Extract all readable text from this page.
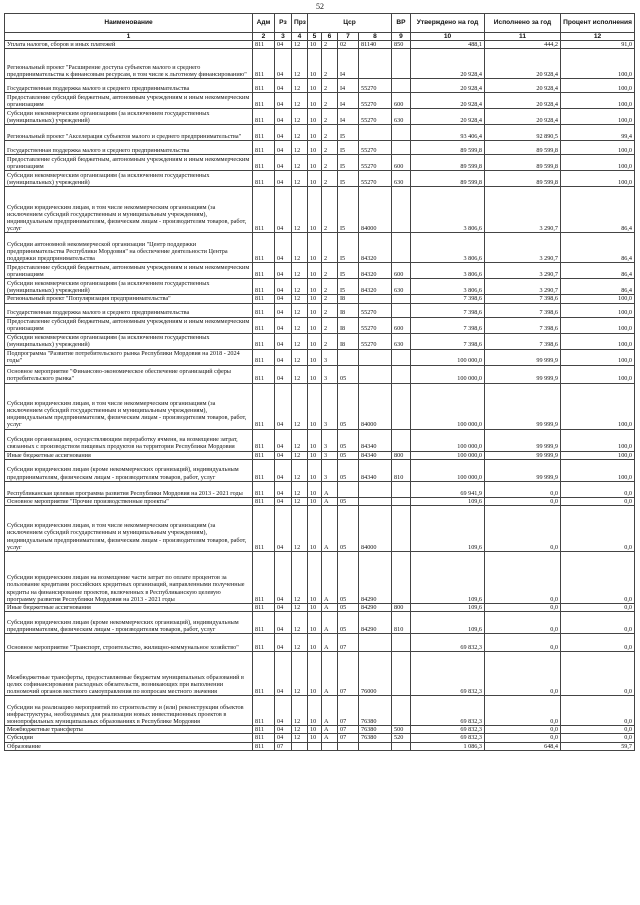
52
Наименование	Адм	Рз	Прз	Цср				ВР	Утверждено на год	Исполнено за год	Процент исполнения
1	2	3	4	5	6	7	8	9	10	11	12
Уплата налогов, сборов и иных платежей	811	04	12	10	2	02	81140	850	488,1	444,2	91,0
Региональный проект "Расширение доступа субъектов малого и среднего предпринимательства к финансовым ресурсам, в том числе к льготному финансированию"	811	04	12	10	2	I4			20 928,4	20 928,4	100,0
Государственная поддержка малого и среднего предпринимательства	811	04	12	10	2	I4	55270		20 928,4	20 928,4	100,0
Предоставление субсидий бюджетным, автономным учреждениям и иным некоммерческим организациям	811	04	12	10	2	I4	55270	600	20 928,4	20 928,4	100,0
Субсидии некоммерческим организациям (за исключением государственных (муниципальных) учреждений)	811	04	12	10	2	I4	55270	630	20 928,4	20 928,4	100,0
Региональный проект "Акселерация субъектов малого и среднего предпринимательства"	811	04	12	10	2	I5			93 406,4	92 890,5	99,4
Государственная поддержка малого и среднего предпринимательства	811	04	12	10	2	I5	55270		89 599,8	89 599,8	100,0
Предоставление субсидий бюджетным, автономным учреждениям и иным некоммерческим организациям	811	04	12	10	2	I5	55270	600	89 599,8	89 599,8	100,0
Субсидии некоммерческим организациям (за исключением государственных (муниципальных) учреждений)	811	04	12	10	2	I5	55270	630	89 599,8	89 599,8	100,0
Субсидии юридическим лицам, в том числе некоммерческим организациям (за исключением субсидий государственным и муниципальным учреждениям), индивидуальным предпринимателям, физическим лицам - производителям товаров, работ, услуг	811	04	12	10	2	I5	84000		3 806,6	3 290,7	86,4
Субсидии автономной некоммерческой организации "Центр поддержки предпринимательства Республики Мордовия" на обеспечение деятельности Центра поддержки предпринимательства	811	04	12	10	2	I5	84320		3 806,6	3 290,7	86,4
Предоставление субсидий бюджетным, автономным учреждениям и иным некоммерческим организациям	811	04	12	10	2	I5	84320	600	3 806,6	3 290,7	86,4
Субсидии некоммерческим организациям (за исключением государственных (муниципальных) учреждений)	811	04	12	10	2	I5	84320	630	3 806,6	3 290,7	86,4
Региональный проект "Популяризация предпринимательства"	811	04	12	10	2	I8			7 398,6	7 398,6	100,0
Государственная поддержка малого и среднего предпринимательства	811	04	12	10	2	I8	55270		7 398,6	7 398,6	100,0
Предоставление субсидий бюджетным, автономным учреждениям и иным некоммерческим организациям	811	04	12	10	2	I8	55270	600	7 398,6	7 398,6	100,0
Субсидии некоммерческим организациям (за исключением государственных (муниципальных) учреждений)	811	04	12	10	2	I8	55270	630	7 398,6	7 398,6	100,0
Подпрограмма "Развитие потребительского рынка Республики Мордовия на 2018 - 2024 годы"	811	04	12	10	3				100 000,0	99 999,9	100,0
Основное мероприятие "Финансово-экономическое обеспечение организаций сферы потребительского рынка"	811	04	12	10	3	05			100 000,0	99 999,9	100,0
Субсидии юридическим лицам, в том числе некоммерческим организациям (за исключением субсидий государственным и муниципальным учреждениям), индивидуальным предпринимателям, физическим лицам - производителям товаров, работ, услуг	811	04	12	10	3	05	84000		100 000,0	99 999,9	100,0
Субсидии организациям, осуществляющим переработку ячменя, на возмещение затрат, связанных с производством пищевых продуктов на территории Республики Мордовия	811	04	12	10	3	05	84340		100 000,0	99 999,9	100,0
Иные бюджетные ассигнования	811	04	12	10	3	05	84340	800	100 000,0	99 999,9	100,0
Субсидии юридическим лицам (кроме некоммерческих организаций), индивидуальным предпринимателям, физическим лицам - производителям товаров, работ, услуг	811	04	12	10	3	05	84340	810	100 000,0	99 999,9	100,0
Республиканская целевая программа развития Республики Мордовия на 2013 - 2021 годы	811	04	12	10	A				69 941,9	0,0	0,0
Основное мероприятие "Прочие производственные проекты"	811	04	12	10	A	05			109,6	0,0	0,0
Субсидии юридическим лицам, в том числе некоммерческим организациям (за исключением субсидий государственным и муниципальным учреждениям), индивидуальным предпринимателям, физическим лицам - производителям товаров, работ, услуг	811	04	12	10	A	05	84000		109,6	0,0	0,0
Субсидии юридическим лицам на возмещение части затрат по оплате процентов за пользование кредитами российских кредитных организаций, направленными полученные кредиты на финансирование проектов, включенных в Республиканскую целевую программу развития Республики Мордовия на 2013 - 2021 годы	811	04	12	10	A	05	84290		109,6	0,0	0,0
Иные бюджетные ассигнования	811	04	12	10	A	05	84290	800	109,6	0,0	0,0
Субсидии юридическим лицам (кроме некоммерческих организаций), индивидуальным предпринимателям, физическим лицам - производителям товаров, работ, услуг	811	04	12	10	A	05	84290	810	109,6	0,0	0,0
Основное мероприятие "Транспорт, строительство, жилищно-коммунальное хозяйство"	811	04	12	10	A	07			69 832,3	0,0	0,0
Межбюджетные трансферты, предоставляемые бюджетам муниципальных образований в целях софинансирования расходных обязательств, возникающих при выполнении полномочий органов местного самоуправления по вопросам местного значения	811	04	12	10	A	07	76000		69 832,3	0,0	0,0
Субсидии на реализацию мероприятий по строительству и (или) реконструкции объектов инфраструктуры, необходимых для реализации новых инвестиционных проектов в монопрофильных муниципальных образованиях в Республике Мордовия	811	04	12	10	A	07	76380		69 832,3	0,0	0,0
Межбюджетные трансферты	811	04	12	10	A	07	76380	500	69 832,3	0,0	0,0
Субсидии	811	04	12	10	A	07	76380	520	69 832,3	0,0	0,0
Образование	811	07							1 086,3	648,4	59,7
